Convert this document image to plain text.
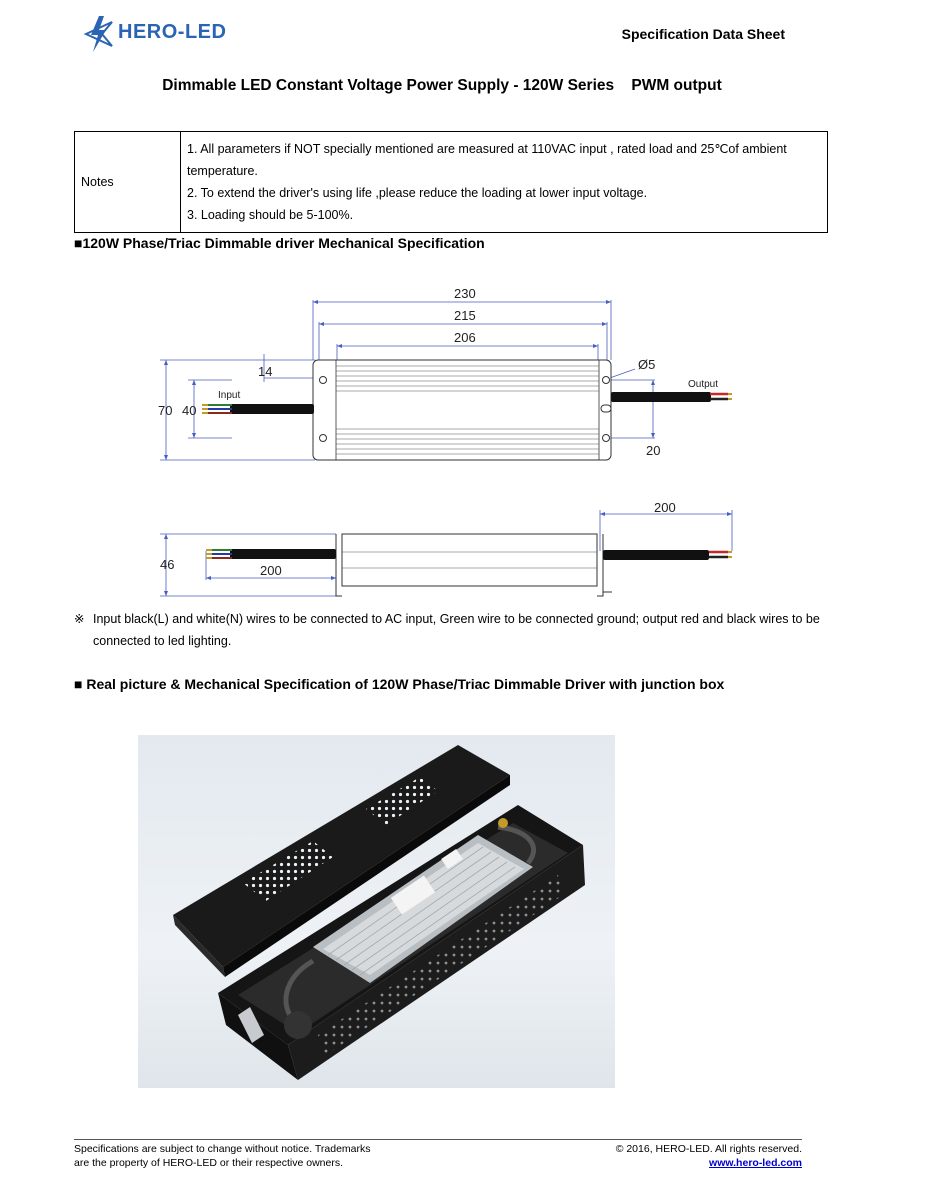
HERO-LED	Specification Data Sheet
Dimmable LED Constant Voltage Power Supply - 120W Series    PWM output
Notes	
1. All parameters if NOT specially mentioned are measured at 110VAC input , rated load and 25℃of ambient temperature.
2. To extend the driver's using life ,please reduce the loading at lower input voltage.
3. Loading should be 5-100%.
■120W Phase/Triac Dimmable driver Mechanical Specification
230
215
206
14	Ø5
70 40
20
Input
Output
200
46	200
※ Input black(L) and white(N) wires to be connected to AC input, Green wire to be connected ground; output red and black wires to be connected to led lighting.
■ Real picture & Mechanical Specification of 120W Phase/Triac Dimmable Driver with junction box
Specifications are subject to change without notice. Trademarks
are the property of HERO-LED or their respective owners.
© 2016, HERO-LED. All rights reserved.
www.hero-led.com
